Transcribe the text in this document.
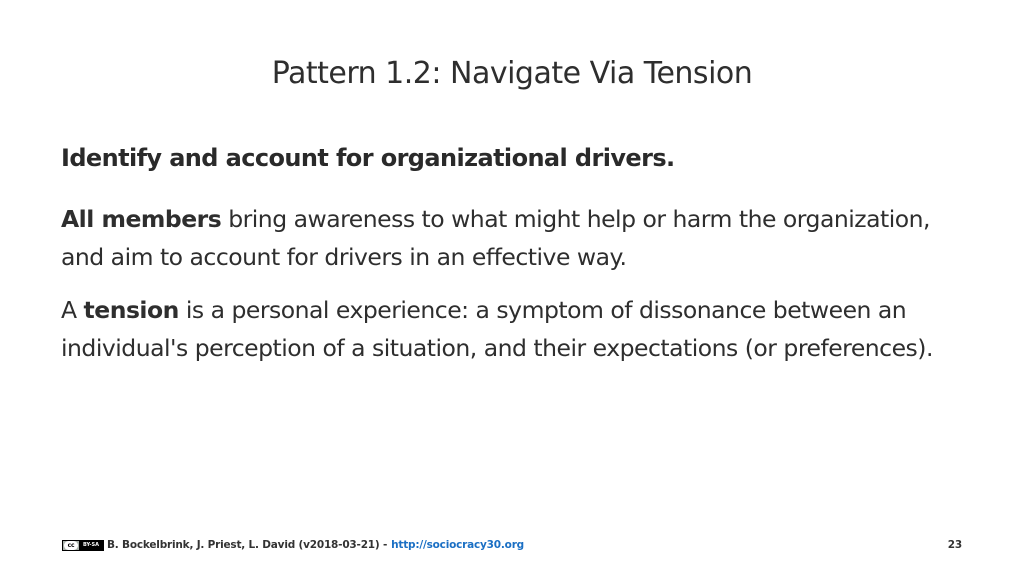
Pattern 1.2: Navigate Via Tension
Identify and account for organizational drivers.

All members bring awareness to what might help or harm the organization, and aim to account for drivers in an effective way.

A tension is a personal experience: a symptom of dissonance between an individual's perception of a situation, and their expectations (or preferences).

cc	BY-SA B. Bockelbrink, J. Priest, L. David (v2018-03-21) - http://sociocracy30.org	23
